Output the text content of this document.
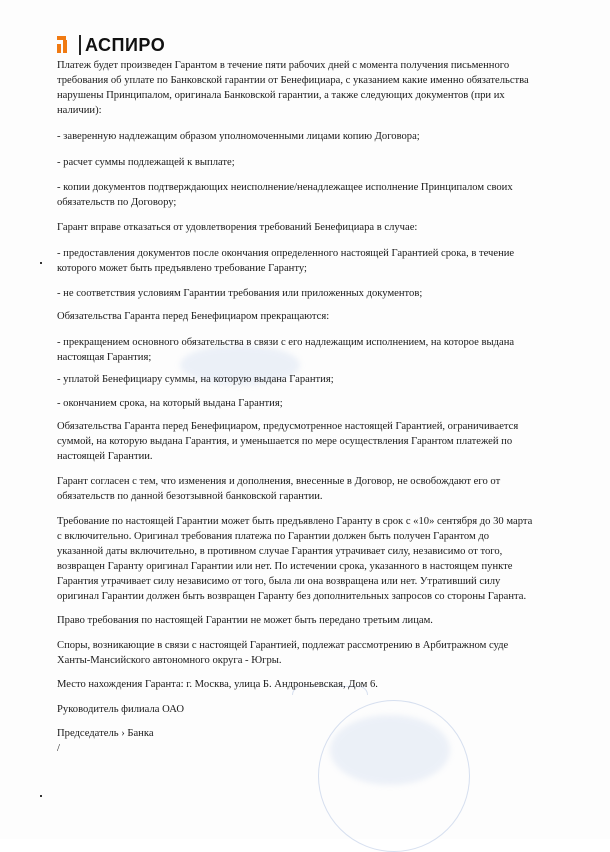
АСПИРО
Платеж будет произведен Гарантом в течение пяти рабочих дней с момента получения письменного
требования об уплате по Банковской гарантии от Бенефициара, с указанием какие именно обязательства
нарушены Принципалом, оригинала Банковской гарантии, а также следующих документов (при их
наличии):
- заверенную надлежащим образом уполномоченными лицами копию Договора;
- расчет суммы подлежащей к выплате;
- копии документов подтверждающих неисполнение/ненадлежащее исполнение Принципалом своих
обязательств по Договору;
Гарант вправе отказаться от удовлетворения требований Бенефициара в случае:
- предоставления документов после окончания определенного настоящей Гарантией срока, в течение
которого может быть предъявлено требование Гаранту;
- не соответствия условиям Гарантии требования или приложенных документов;
Обязательства Гаранта перед Бенефициаром прекращаются:
- прекращением основного обязательства в связи с его надлежащим исполнением, на которое выдана
настоящая Гарантия;
- уплатой Бенефициару суммы, на которую выдана Гарантия;
- окончанием срока, на который выдана Гарантия;
Обязательства Гаранта перед Бенефициаром, предусмотренное настоящей Гарантией, ограничивается
суммой, на которую выдана Гарантия, и уменьшается по мере осуществления Гарантом платежей по
настоящей Гарантии.
Гарант согласен с тем, что изменения и дополнения, внесенные в Договор, не освобождают его от
обязательств по данной безотзывной банковской гарантии.
Требование по настоящей Гарантии может быть предъявлено Гаранту в срок с «10» сентября до 30 марта
с включительно. Оригинал требования платежа по Гарантии должен быть получен Гарантом до
указанной даты включительно, в противном случае Гарантия утрачивает силу, независимо от того,
возвращен Гаранту оригинал Гарантии или нет. По истечении срока, указанного в настоящем пункте
Гарантия утрачивает силу независимо от того, была ли она возвращена или нет. Утративший силу
оригинал Гарантии должен быть возвращен Гаранту без дополнительных запросов со стороны Гаранта.
Право требования по настоящей Гарантии не может быть передано третьим лицам.
Споры, возникающие в связи с настоящей Гарантией, подлежат рассмотрению в Арбитражном суде
Ханты-Мансийского автономного округа - Югры.
Место нахождения Гаранта: г. Москва, улица Б. Андроньевская, Дом 6.
Руководитель филиала ОАО
Председатель › Банка
/
